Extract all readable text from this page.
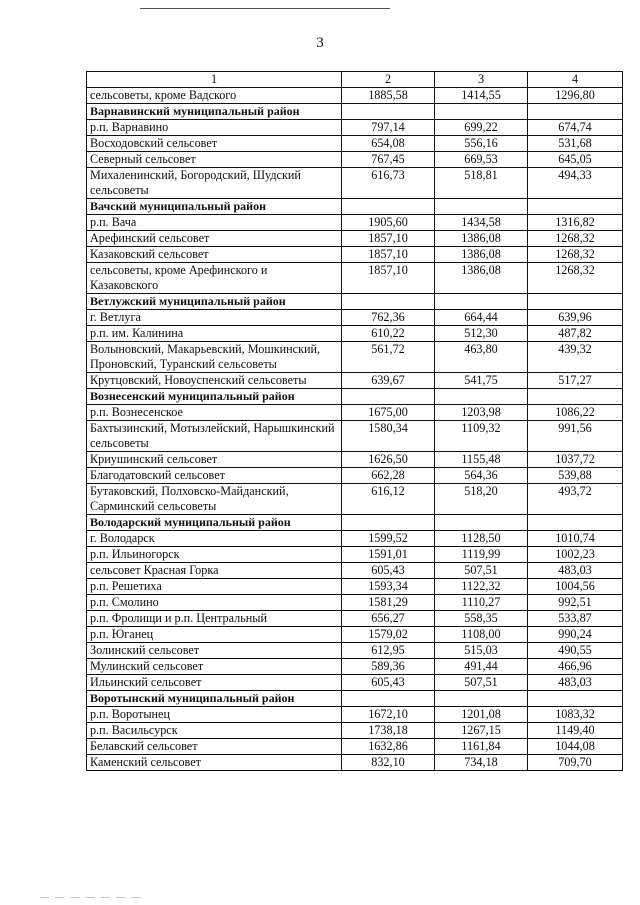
3
1	2	3	4
сельсоветы, кроме Вадского	1885,58	1414,55	1296,80
Варнавинский муниципальный район			
р.п. Варнавино	797,14	699,22	674,74
Восходовский сельсовет	654,08	556,16	531,68
Северный сельсовет	767,45	669,53	645,05
Михаленинский, Богородский, Шудский сельсоветы	616,73	518,81	494,33
Вачский муниципальный район			
р.п. Вача	1905,60	1434,58	1316,82
Арефинский сельсовет	1857,10	1386,08	1268,32
Казаковский сельсовет	1857,10	1386,08	1268,32
сельсоветы, кроме Арефинского и Казаковского	1857,10	1386,08	1268,32
Ветлужский муниципальный район			
г. Ветлуга	762,36	664,44	639,96
р.п. им. Калинина	610,22	512,30	487,82
Волыновский, Макарьевский, Мошкинский, Проновский, Туранский сельсоветы	561,72	463,80	439,32
Крутцовский, Новоуспенский сельсоветы	639,67	541,75	517,27
Вознесенский муниципальный район			
р.п. Вознесенское	1675,00	1203,98	1086,22
Бахтызинский, Мотызлейский, Нарышкинский сельсоветы	1580,34	1109,32	991,56
Криушинский сельсовет	1626,50	1155,48	1037,72
Благодатовский сельсовет	662,28	564,36	539,88
Бутаковский, Полховско-Майданский, Сарминский сельсоветы	616,12	518,20	493,72
Володарский муниципальный район			
г. Володарск	1599,52	1128,50	1010,74
р.п. Ильиногорск	1591,01	1119,99	1002,23
сельсовет Красная Горка	605,43	507,51	483,03
р.п. Решетиха	1593,34	1122,32	1004,56
р.п. Смолино	1581,29	1110,27	992,51
р.п. Фролищи и р.п. Центральный	656,27	558,35	533,87
р.п. Юганец	1579,02	1108,00	990,24
Золинский сельсовет	612,95	515,03	490,55
Мулинский сельсовет	589,36	491,44	466,96
Ильинский сельсовет	605,43	507,51	483,03
Воротынский муниципальный район			
р.п. Воротынец	1672,10	1201,08	1083,32
р.п. Васильсурск	1738,18	1267,15	1149,40
Белавский сельсовет	1632,86	1161,84	1044,08
Каменский сельсовет	832,10	734,18	709,70
— — — — — — —
